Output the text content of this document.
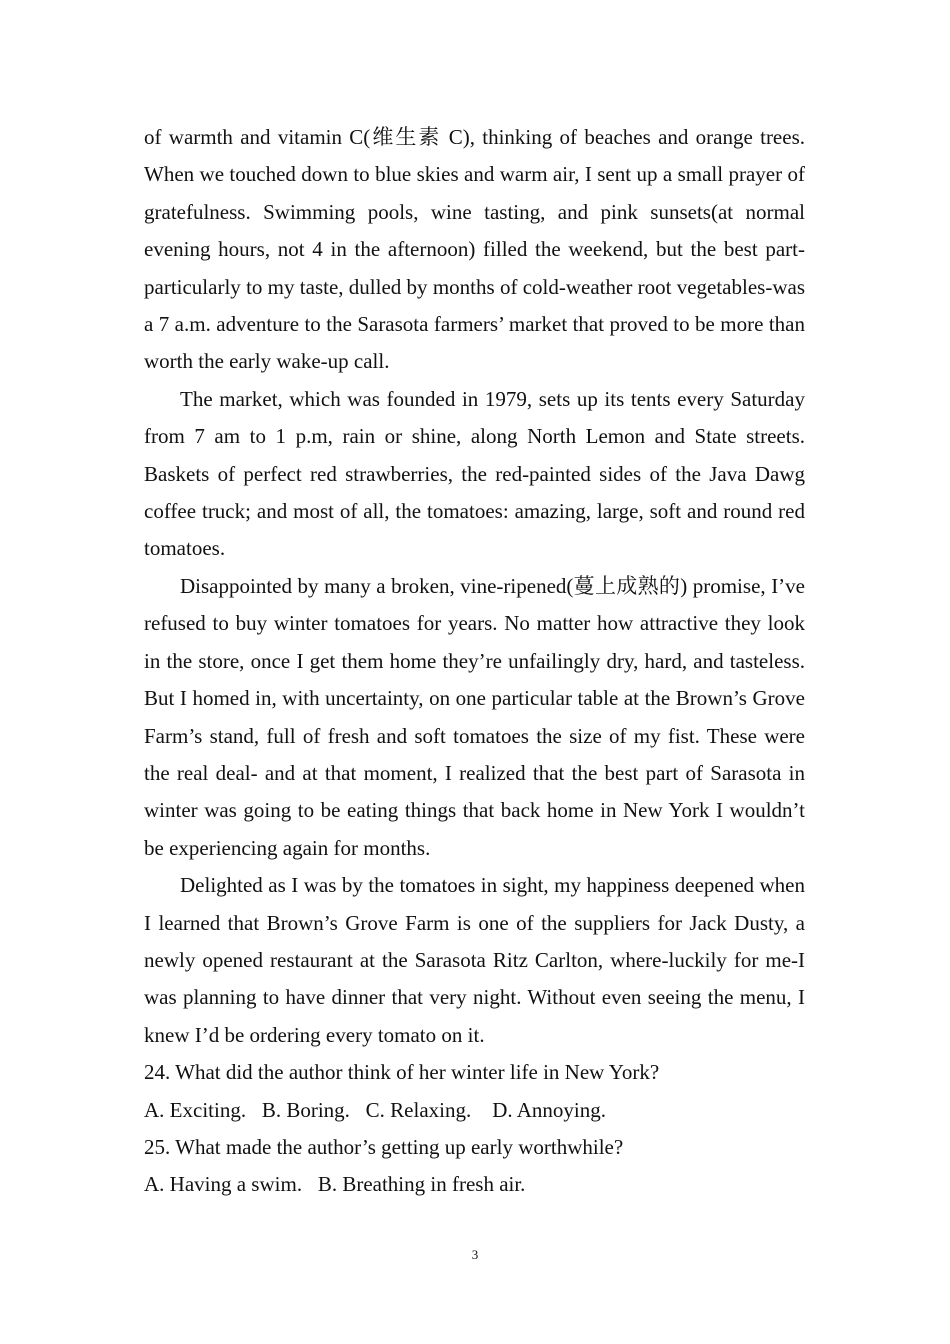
of warmth and vitamin C(维生素 C), thinking of beaches and orange trees. When we touched down to blue skies and warm air, I sent up a small prayer of gratefulness. Swimming pools, wine tasting, and pink sunsets(at normal evening hours, not 4 in the afternoon) filled the weekend, but the best part-particularly to my taste, dulled by months of cold-weather root vegetables-was a 7 a.m. adventure to the Sarasota farmers’ market that proved to be more than worth the early wake-up call.

The market, which was founded in 1979, sets up its tents every Saturday from 7 am to 1 p.m, rain or shine, along North Lemon and State streets. Baskets of perfect red strawberries, the red-painted sides of the Java Dawg coffee truck; and most of all, the tomatoes: amazing, large, soft and round red tomatoes.

Disappointed by many a broken, vine-ripened(蔓上成熟的) promise, I’ve refused to buy winter tomatoes for years. No matter how attractive they look in the store, once I get them home they’re unfailingly dry, hard, and tasteless. But I homed in, with uncertainty, on one particular table at the Brown’s Grove Farm’s stand, full of fresh and soft tomatoes the size of my fist. These were the real deal- and at that moment, I realized that the best part of Sarasota in winter was going to be eating things that back home in New York I wouldn’t be experiencing again for months.

Delighted as I was by the tomatoes in sight, my happiness deepened when I learned that Brown’s Grove Farm is one of the suppliers for Jack Dusty, a newly opened restaurant at the Sarasota Ritz Carlton, where-luckily for me-I was planning to have dinner that very night. Without even seeing the menu, I knew I’d be ordering every tomato on it.

24. What did the author think of her winter life in New York?

A. Exciting.   B. Boring.   C. Relaxing.    D. Annoying.

25. What made the author’s getting up early worthwhile?

A. Having a swim.   B. Breathing in fresh air.

3
